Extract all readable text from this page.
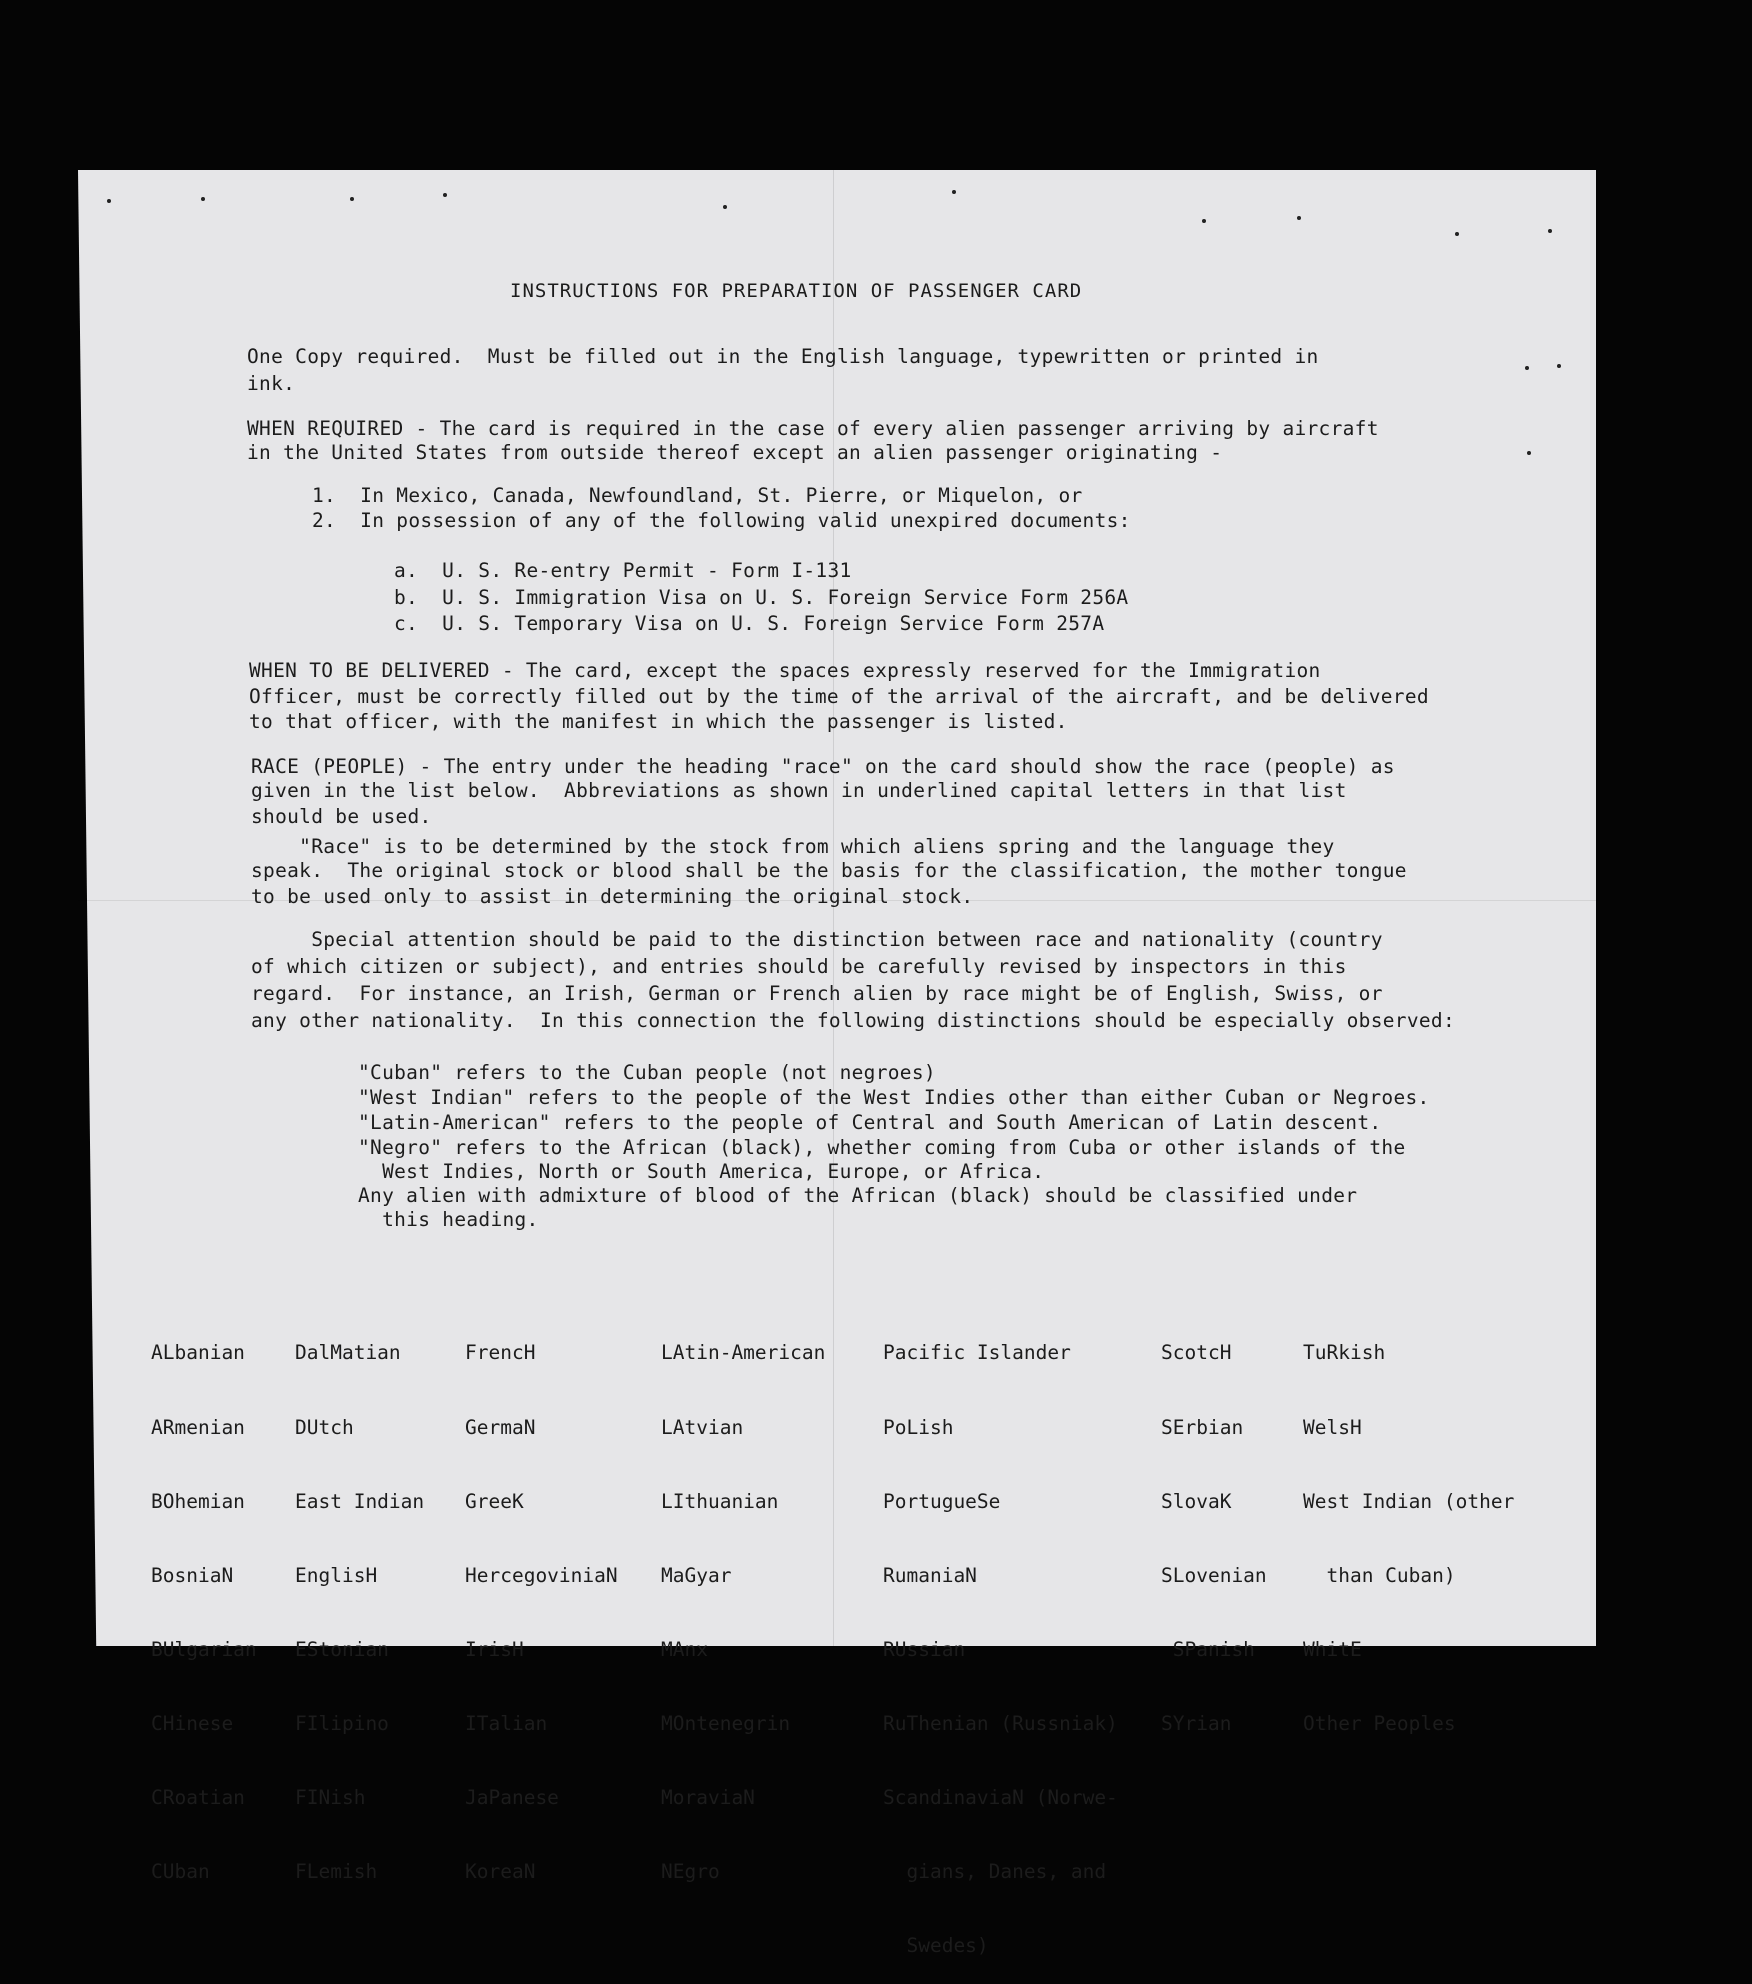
INSTRUCTIONS FOR PREPARATION OF PASSENGER CARD
One Copy required.  Must be filled out in the English language, typewritten or printed in
ink.
WHEN REQUIRED - The card is required in the case of every alien passenger arriving by aircraft
in the United States from outside thereof except an alien passenger originating -
1.  In Mexico, Canada, Newfoundland, St. Pierre, or Miquelon, or
2.  In possession of any of the following valid unexpired documents:
a.  U. S. Re-entry Permit - Form I-131
b.  U. S. Immigration Visa on U. S. Foreign Service Form 256A
c.  U. S. Temporary Visa on U. S. Foreign Service Form 257A
WHEN TO BE DELIVERED - The card, except the spaces expressly reserved for the Immigration
Officer, must be correctly filled out by the time of the arrival of the aircraft, and be delivered
to that officer, with the manifest in which the passenger is listed.
RACE (PEOPLE) - The entry under the heading "race" on the card should show the race (people) as
given in the list below.  Abbreviations as shown in underlined capital letters in that list
should be used.
"Race" is to be determined by the stock from which aliens spring and the language they
speak.  The original stock or blood shall be the basis for the classification, the mother tongue
to be used only to assist in determining the original stock.
Special attention should be paid to the distinction between race and nationality (country
of which citizen or subject), and entries should be carefully revised by inspectors in this
regard.  For instance, an Irish, German or French alien by race might be of English, Swiss, or
any other nationality.  In this connection the following distinctions should be especially observed:
"Cuban" refers to the Cuban people (not negroes)
"West Indian" refers to the people of the West Indies other than either Cuban or Negroes.
"Latin-American" refers to the people of Central and South American of Latin descent.
"Negro" refers to the African (black), whether coming from Cuba or other islands of the
West Indies, North or South America, Europe, or Africa.
Any alien with admixture of blood of the African (black) should be classified under
this heading.

ALbanian

ARmenian

BOhemian

BosniaN

BUlgarian

CHinese

CRoatian

CUban

DalMatian

DUtch

East Indian

EnglisH

EStonian

FIlipino

FINish

FLemish

FrencH

GermaN

GreeK

HercegoviniaN

IrisH

ITalian

JaPanese

KoreaN

LAtin-American

LAtvian

LIthuanian

MaGyar

MAnx

MOntenegrin

MoraviaN

NEgro

Pacific Islander

PoLish

PortugueSe

RumaniaN

RUssian

RuThenian (Russniak)

ScandinaviaN (Norwe-

gians, Danes, and

Swedes)

ScotcH

SErbian

SlovaK

SLovenian

SPanish

SYrian

TuRkish

WelsH

West Indian (other

than Cuban)

WhitE

Other Peoples
